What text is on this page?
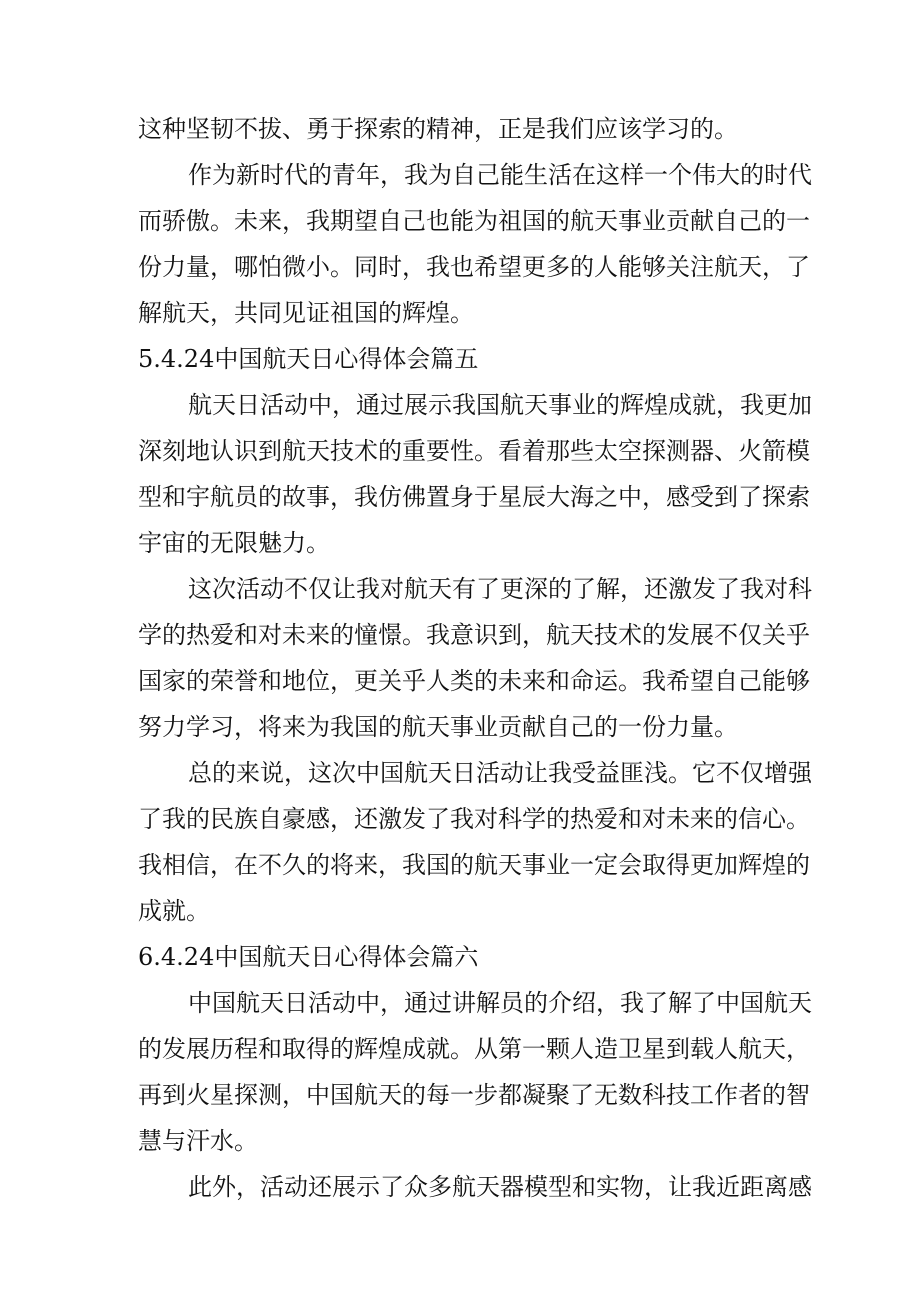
这种坚韧不拔、勇于探索的精神，正是我们应该学习的。
作为新时代的青年，我为自己能生活在这样一个伟大的时代
而骄傲。未来，我期望自己也能为祖国的航天事业贡献自己的一
份力量，哪怕微小。同时，我也希望更多的人能够关注航天，了
解航天，共同见证祖国的辉煌。
5.4.24中国航天日心得体会篇五
航天日活动中，通过展示我国航天事业的辉煌成就，我更加
深刻地认识到航天技术的重要性。看着那些太空探测器、火箭模
型和宇航员的故事，我仿佛置身于星辰大海之中，感受到了探索
宇宙的无限魅力。
这次活动不仅让我对航天有了更深的了解，还激发了我对科
学的热爱和对未来的憧憬。我意识到，航天技术的发展不仅关乎
国家的荣誉和地位，更关乎人类的未来和命运。我希望自己能够
努力学习，将来为我国的航天事业贡献自己的一份力量。
总的来说，这次中国航天日活动让我受益匪浅。它不仅增强
了我的民族自豪感，还激发了我对科学的热爱和对未来的信心。
我相信，在不久的将来，我国的航天事业一定会取得更加辉煌的
成就。
6.4.24中国航天日心得体会篇六
中国航天日活动中，通过讲解员的介绍，我了解了中国航天
的发展历程和取得的辉煌成就。从第一颗人造卫星到载人航天，
再到火星探测，中国航天的每一步都凝聚了无数科技工作者的智
慧与汗水。
此外，活动还展示了众多航天器模型和实物，让我近距离感
